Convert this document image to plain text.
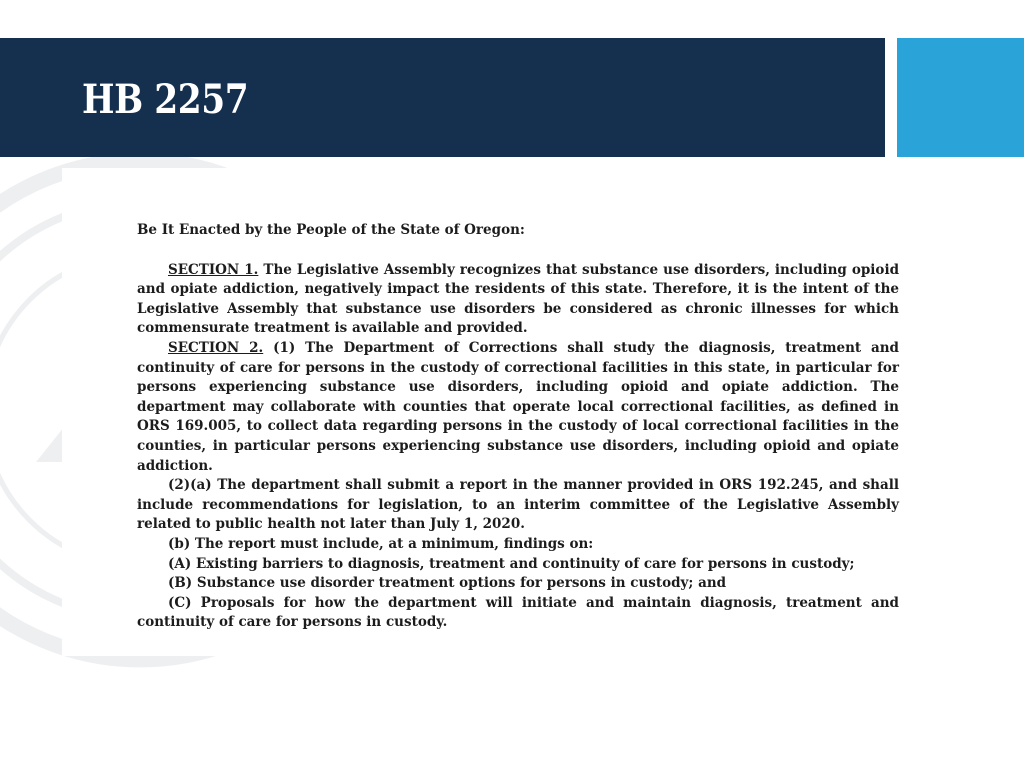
HB 2257

Be It Enacted by the People of the State of Oregon:

SECTION 1. The Legislative Assembly recognizes that substance use disorders, including opioid and opiate addiction, negatively impact the residents of this state. Therefore, it is the intent of the Legislative Assembly that substance use disorders be considered as chronic illnesses for which commensurate treatment is available and provided.

SECTION 2. (1) The Department of Corrections shall study the diagnosis, treatment and continuity of care for persons in the custody of correctional facilities in this state, in particular for persons experiencing substance use disorders, including opioid and opiate addiction. The department may collaborate with counties that operate local correctional facilities, as defined in ORS 169.005, to collect data regarding persons in the custody of local correctional facilities in the counties, in particular persons experiencing substance use disorders, including opioid and opiate addiction.

(2)(a) The department shall submit a report in the manner provided in ORS 192.245, and shall include recommendations for legislation, to an interim committee of the Legislative Assembly related to public health not later than July 1, 2020.

(b) The report must include, at a minimum, findings on:

(A) Existing barriers to diagnosis, treatment and continuity of care for persons in custody;

(B) Substance use disorder treatment options for persons in custody; and

(C) Proposals for how the department will initiate and maintain diagnosis, treatment and continuity of care for persons in custody.
